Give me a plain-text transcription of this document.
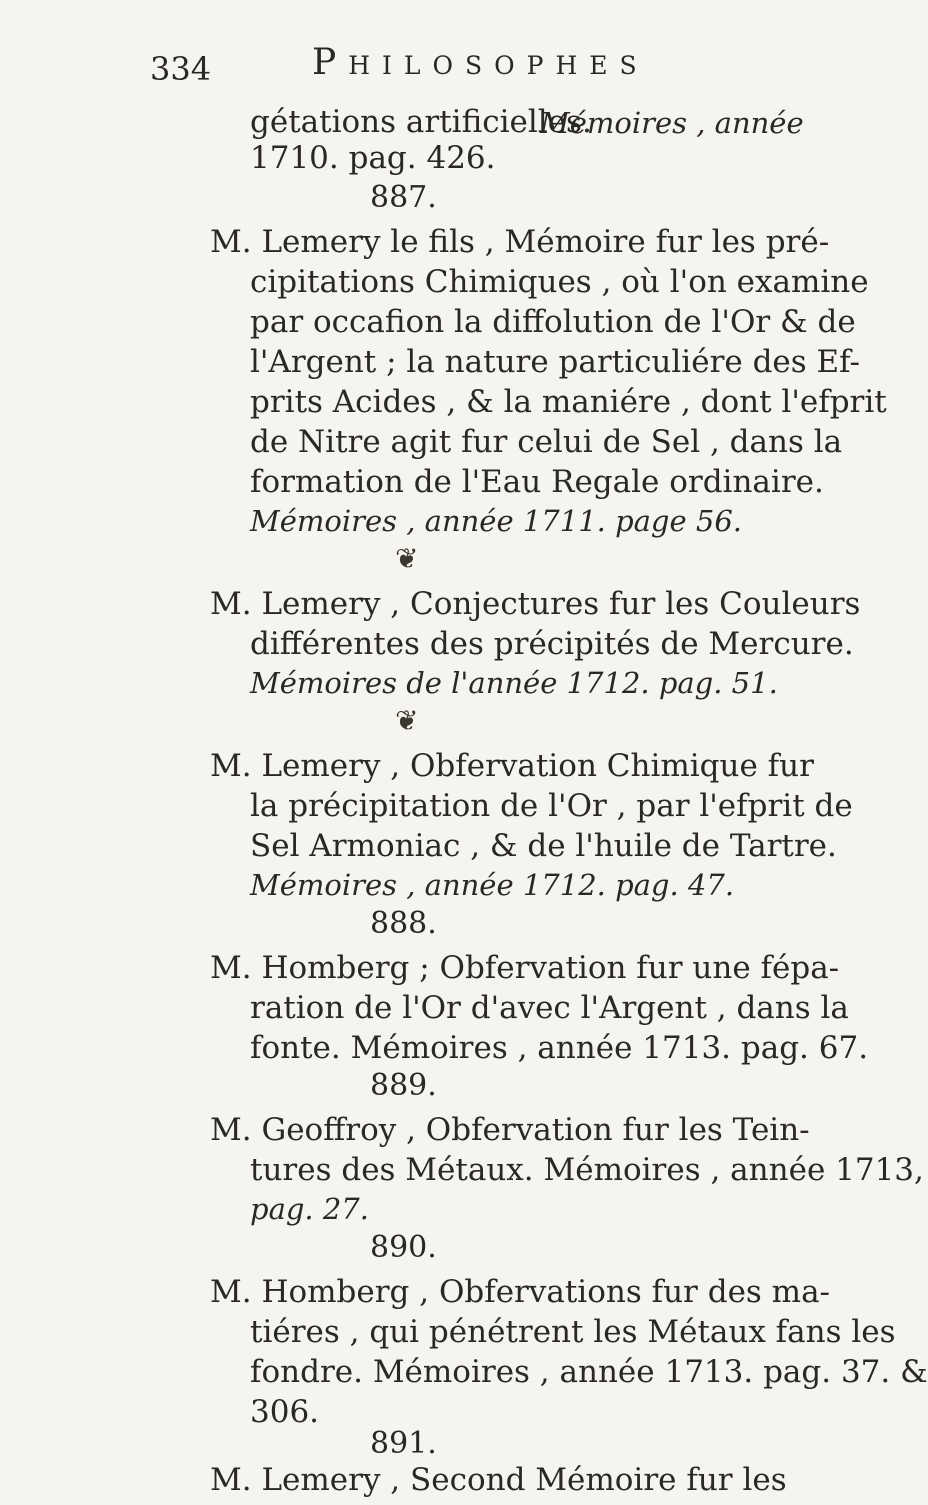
334	Philosophes
gétations artificielles.
Mémoires , année
1710. pag. 426.
887.
M. Lemery le fils , Mémoire fur les pré-
cipitations Chimiques , où l'on examine
par occafion la diffolution de l'Or & de
l'Argent ; la nature particuliére des Ef-
prits Acides , & la maniére , dont l'efprit
de Nitre agit fur celui de Sel , dans la
formation de l'Eau Regale ordinaire.
Mémoires , année 1711. page 56.
❦
M. Lemery , Conjectures fur les Couleurs
différentes des précipités de Mercure.
Mémoires de l'année 1712. pag. 51.
❦
M. Lemery , Obfervation Chimique fur
la précipitation de l'Or , par l'efprit de
Sel Armoniac , & de l'huile de Tartre.
Mémoires , année 1712. pag. 47.
888.
M. Homberg ; Obfervation fur une fépa-
ration de l'Or d'avec l'Argent , dans la
fonte. Mémoires , année 1713. pag. 67.
889.
M. Geoffroy , Obfervation fur les Tein-
tures des Métaux. Mémoires , année 1713,
pag. 27.
890.
M. Homberg , Obfervations fur des ma-
tiéres , qui pénétrent les Métaux fans les
fondre. Mémoires , année 1713. pag. 37. &
306.
891.
M. Lemery , Second Mémoire fur les
